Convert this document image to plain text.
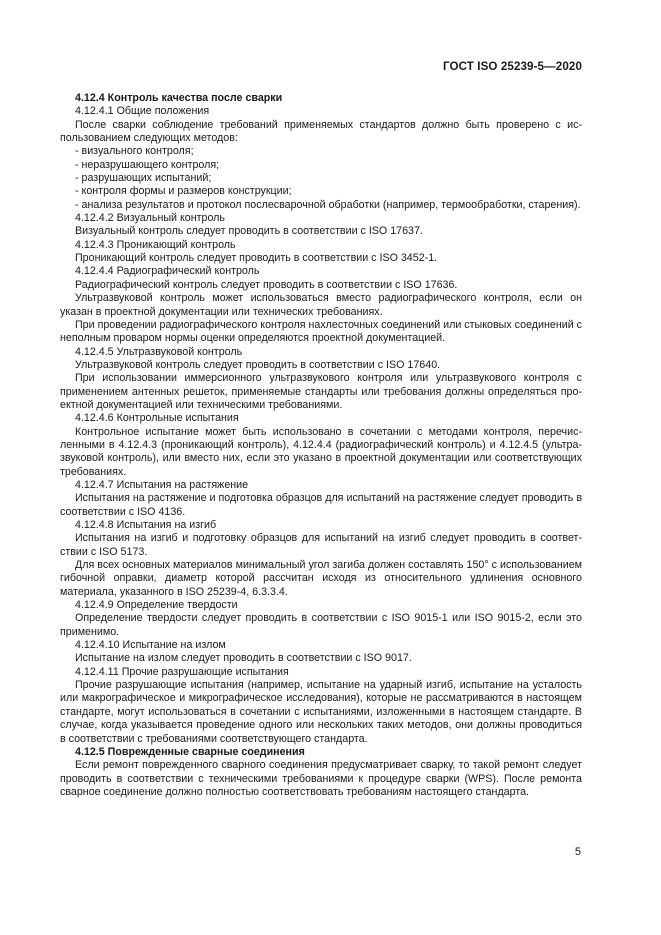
ГОСТ ISO 25239-5—2020

4.12.4 Контроль качества после сварки

4.12.4.1 Общие положения

После сварки соблюдение требований применяемых стандартов должно быть проверено с использованием следующих методов:

- визуального контроля;

- неразрушающего контроля;

- разрушающих испытаний;

- контроля формы и размеров конструкции;

- анализа результатов и протокол послесварочной обработки (например, термообработки, старения).

4.12.4.2 Визуальный контроль

Визуальный контроль следует проводить в соответствии с ISO 17637.

4.12.4.3 Проникающий контроль

Проникающий контроль следует проводить в соответствии с ISO 3452-1.

4.12.4.4 Радиографический контроль

Радиографический контроль следует проводить в соответствии с ISO 17636.

Ультразвуковой контроль может использоваться вместо радиографического контроля, если он указан в проектной документации или технических требованиях.

При проведении радиографического контроля нахлесточных соединений или стыковых соединений с неполным проваром нормы оценки определяются проектной документацией.

4.12.4.5 Ультразвуковой контроль

Ультразвуковой контроль следует проводить в соответствии с ISO 17640.

При использовании иммерсионного ультразвукового контроля или ультразвукового контроля с применением антенных решеток, применяемые стандарты или требования должны определяться проектной документацией или техническими требованиями.

4.12.4.6 Контрольные испытания

Контрольное испытание может быть использовано в сочетании с методами контроля, перечисленными в 4.12.4.3 (проникающий контроль), 4.12.4.4 (радиографический контроль) и 4.12.4.5 (ультразвуковой контроль), или вместо них, если это указано в проектной документации или соответствующих требованиях.

4.12.4.7 Испытания на растяжение

Испытания на растяжение и подготовка образцов для испытаний на растяжение следует проводить в соответствии с ISO 4136.

4.12.4.8 Испытания на изгиб

Испытания на изгиб и подготовку образцов для испытаний на изгиб следует проводить в соответствии с ISO 5173.

Для всех основных материалов минимальный угол загиба должен составлять 150° с использованием гибочной оправки, диаметр которой рассчитан исходя из относительного удлинения основного материала, указанного в ISO 25239-4, 6.3.3.4.

4.12.4.9 Определение твердости

Определение твердости следует проводить в соответствии с ISO 9015-1 или ISO 9015-2, если это применимо.

4.12.4.10 Испытание на излом

Испытание на излом следует проводить в соответствии с ISO 9017.

4.12.4.11 Прочие разрушающие испытания

Прочие разрушающие испытания (например, испытание на ударный изгиб, испытание на усталость или макрографическое и микрографическое исследования), которые не рассматриваются в настоящем стандарте, могут использоваться в сочетании с испытаниями, изложенными в настоящем стандарте. В случае, когда указывается проведение одного или нескольких таких методов, они должны проводиться в соответствии с требованиями соответствующего стандарта.

4.12.5 Поврежденные сварные соединения

Если ремонт поврежденного сварного соединения предусматривает сварку, то такой ремонт следует проводить в соответствии с техническими требованиями к процедуре сварки (WPS). После ремонта сварное соединение должно полностью соответствовать требованиям настоящего стандарта.

5
